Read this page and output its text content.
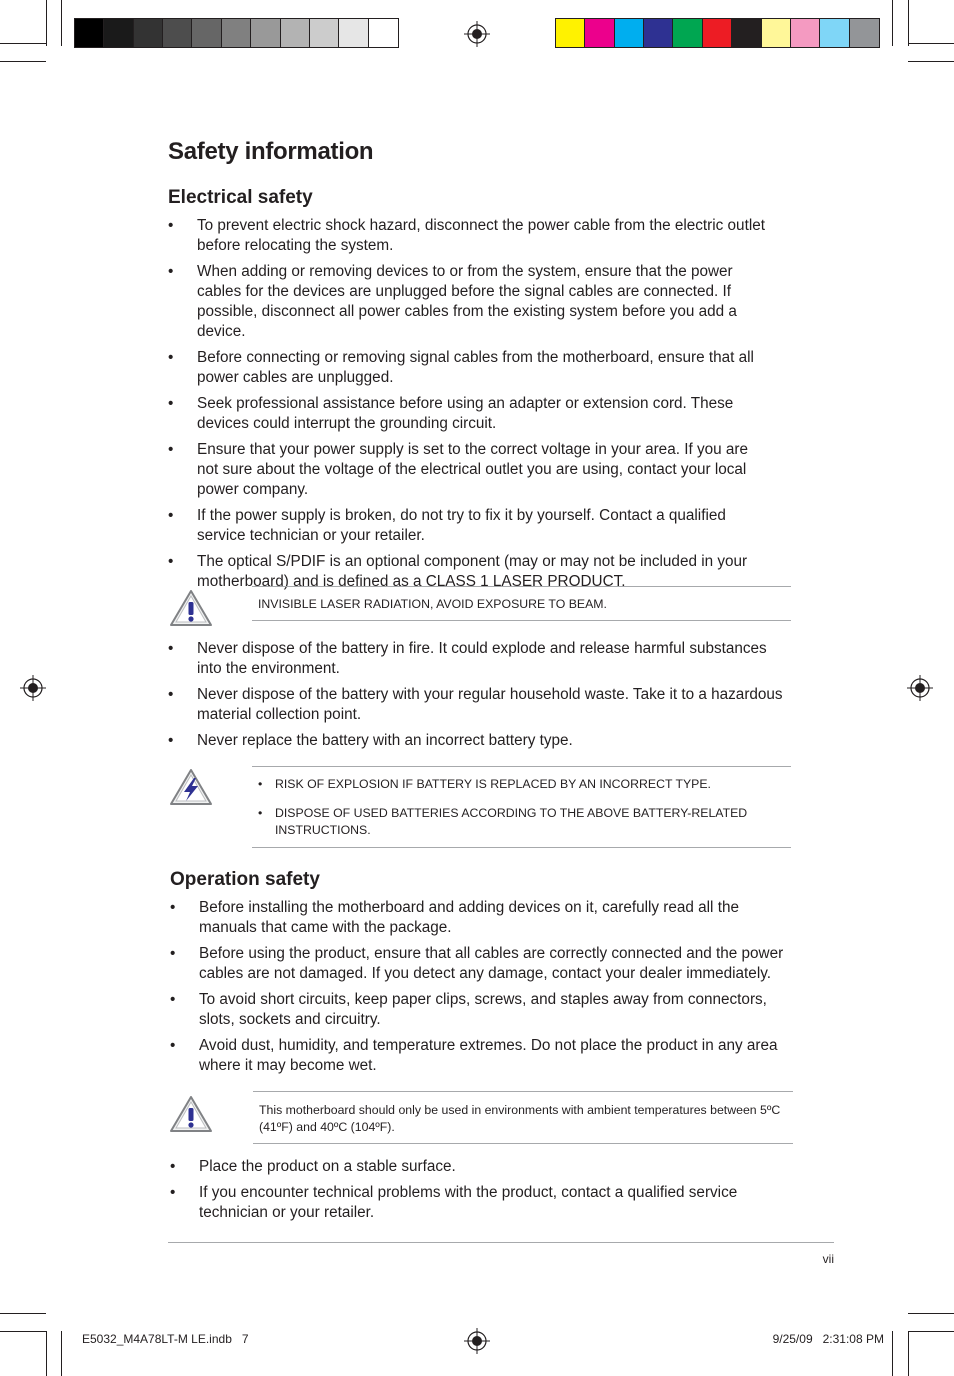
Safety information
Electrical safety
• To prevent electric shock hazard, disconnect the power cable from the electric outlet before relocating the system.
• When adding or removing devices to or from the system, ensure that the power cables for the devices are unplugged before the signal cables are connected. If possible, disconnect all power cables from the existing system before you add a device.
• Before connecting or removing signal cables from the motherboard, ensure that all power cables are unplugged.
• Seek professional assistance before using an adapter or extension cord. These devices could interrupt the grounding circuit.
• Ensure that your power supply is set to the correct voltage in your area. If you are not sure about the voltage of the electrical outlet you are using, contact your local power company.
• If the power supply is broken, do not try to fix it by yourself. Contact a qualified service technician or your retailer.
• The optical S/PDIF is an optional component (may or may not be included in your motherboard) and is defined as a CLASS 1 LASER PRODUCT.
INVISIBLE LASER RADIATION, AVOID EXPOSURE TO BEAM.
• Never dispose of the battery in fire. It could explode and release harmful substances into the environment.
• Never dispose of the battery with your regular household waste. Take it to a hazardous material collection point.
• Never replace the battery with an incorrect battery type.
•	RISK OF EXPLOSION IF BATTERY IS REPLACED BY AN INCORRECT TYPE.
•	DISPOSE OF USED BATTERIES ACCORDING TO THE ABOVE BATTERY-RELATED INSTRUCTIONS.
Operation safety
• Before installing the motherboard and adding devices on it, carefully read all the manuals that came with the package.
• Before using the product, ensure that all cables are correctly connected and the power cables are not damaged. If you detect any damage, contact your dealer immediately.
• To avoid short circuits, keep paper clips, screws, and staples away from connectors, slots, sockets and circuitry.
• Avoid dust, humidity, and temperature extremes. Do not place the product in any area where it may become wet.
This motherboard should only be used in environments with ambient temperatures between 5ºC (41ºF) and 40ºC (104ºF).
• Place the product on a stable surface.
• If you encounter technical problems with the product, contact a qualified service technician or your retailer.
vii
E5032_M4A78LT-M LE.indb   7	9/25/09   2:31:08 PM
